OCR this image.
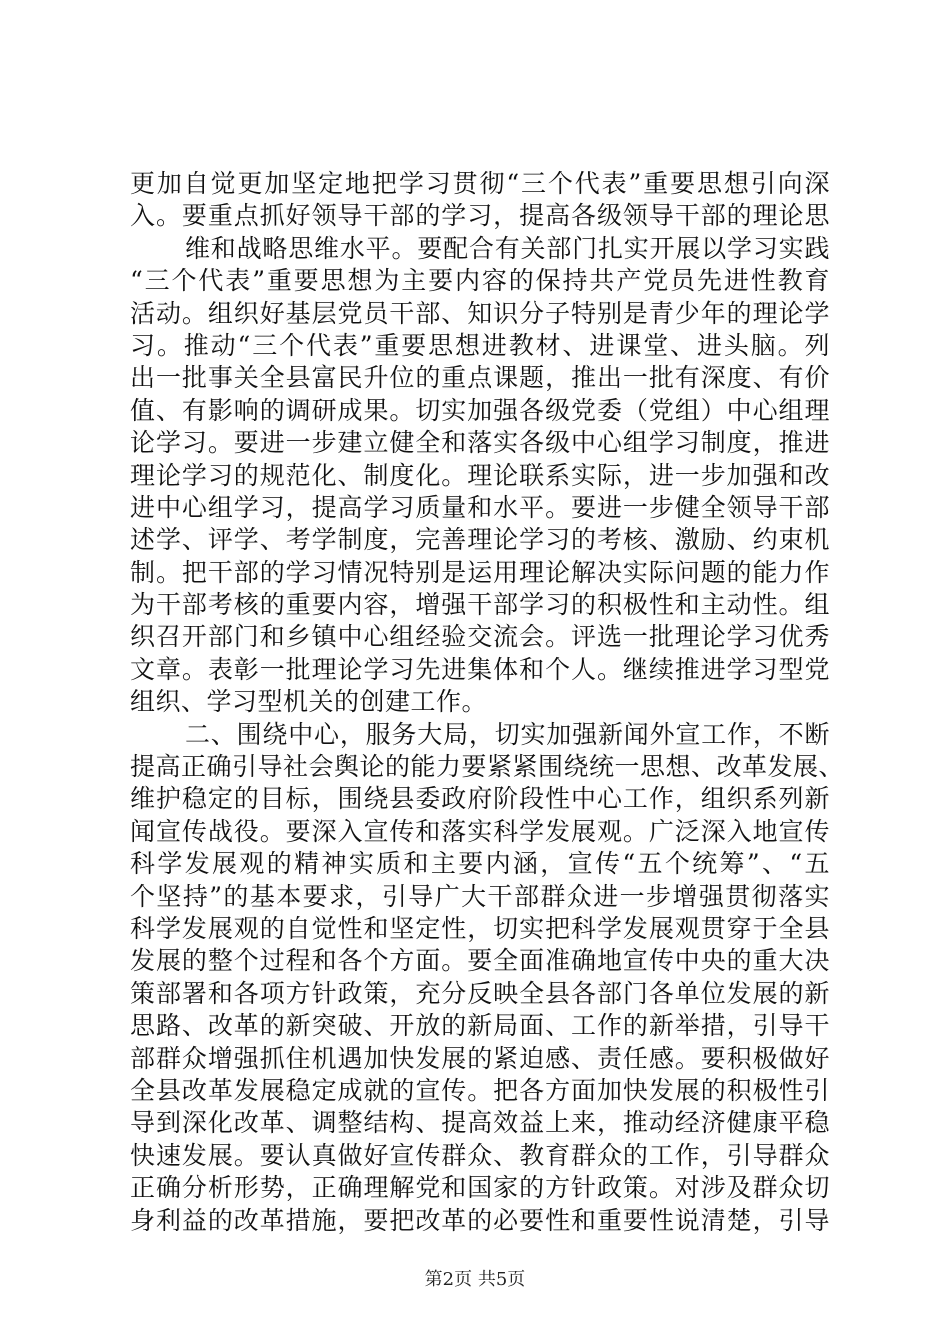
更加自觉更加坚定地把学习贯彻“三个代表”重要思想引向深
入。要重点抓好领导干部的学习，提高各级领导干部的理论思
维和战略思维水平。要配合有关部门扎实开展以学习实践
“三个代表”重要思想为主要内容的保持共产党员先进性教育
活动。组织好基层党员干部、知识分子特别是青少年的理论学
习。推动“三个代表”重要思想进教材、进课堂、进头脑。列
出一批事关全县富民升位的重点课题，推出一批有深度、有价
值、有影响的调研成果。切实加强各级党委（党组）中心组理
论学习。要进一步建立健全和落实各级中心组学习制度，推进
理论学习的规范化、制度化。理论联系实际，进一步加强和改
进中心组学习，提高学习质量和水平。要进一步健全领导干部
述学、评学、考学制度，完善理论学习的考核、激励、约束机
制。把干部的学习情况特别是运用理论解决实际问题的能力作
为干部考核的重要内容，增强干部学习的积极性和主动性。组
织召开部门和乡镇中心组经验交流会。评选一批理论学习优秀
文章。表彰一批理论学习先进集体和个人。继续推进学习型党
组织、学习型机关的创建工作。
二、围绕中心，服务大局，切实加强新闻外宣工作，不断
提高正确引导社会舆论的能力要紧紧围绕统一思想、改革发展、
维护稳定的目标，围绕县委政府阶段性中心工作，组织系列新
闻宣传战役。要深入宣传和落实科学发展观。广泛深入地宣传
科学发展观的精神实质和主要内涵，宣传“五个统筹”、“五
个坚持”的基本要求，引导广大干部群众进一步增强贯彻落实
科学发展观的自觉性和坚定性，切实把科学发展观贯穿于全县
发展的整个过程和各个方面。要全面准确地宣传中央的重大决
策部署和各项方针政策，充分反映全县各部门各单位发展的新
思路、改革的新突破、开放的新局面、工作的新举措，引导干
部群众增强抓住机遇加快发展的紧迫感、责任感。要积极做好
全县改革发展稳定成就的宣传。把各方面加快发展的积极性引
导到深化改革、调整结构、提高效益上来，推动经济健康平稳
快速发展。要认真做好宣传群众、教育群众的工作，引导群众
正确分析形势，正确理解党和国家的方针政策。对涉及群众切
身利益的改革措施，要把改革的必要性和重要性说清楚，引导
第2页 共5页
